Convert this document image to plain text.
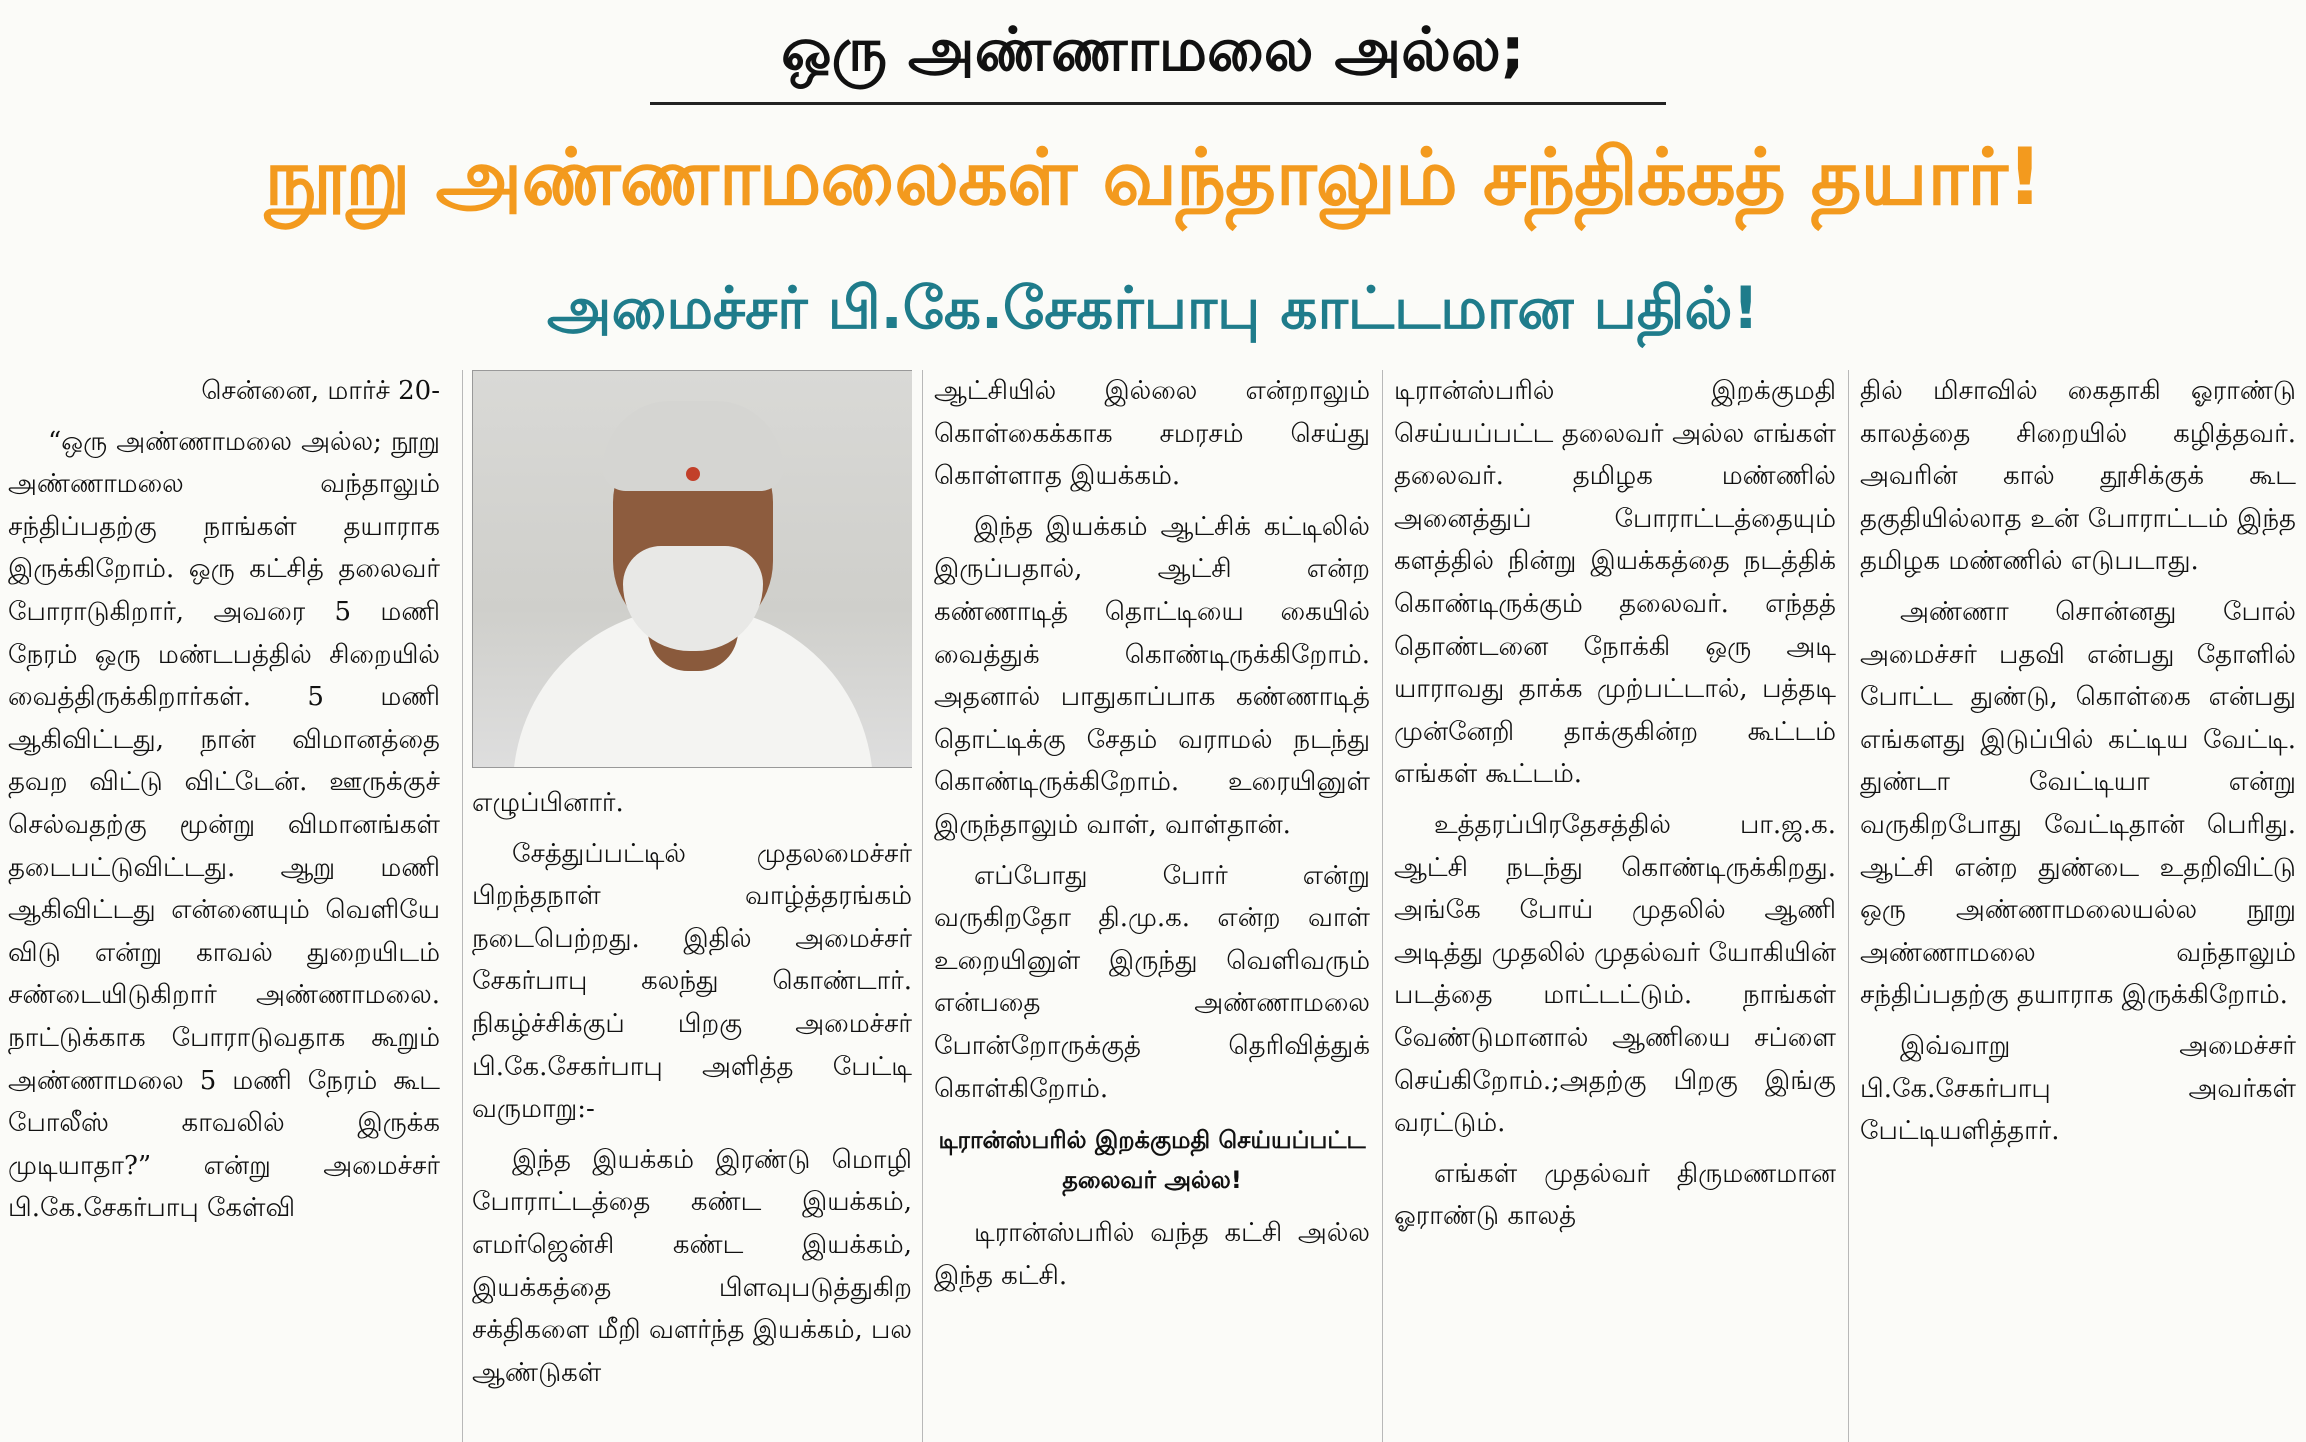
ஒரு அண்ணாமலை அல்ல;
நூறு அண்ணாமலைகள் வந்தாலும் சந்திக்கத் தயார்!
அமைச்சர் பி.கே.சேகர்பாபு காட்டமான பதில்!

சென்னை, மார்ச் 20-

“ஒரு அண்ணாமலை அல்ல; நூறு அண்ணாமலை வந்தாலும் சந்திப்பதற்கு நாங்கள் தயாராக இருக்கிறோம். ஒரு கட்சித் தலைவர் போராடுகிறார், அவரை 5 மணி நேரம் ஒரு மண்டபத்தில் சிறையில் வைத்திருக்கிறார்கள். 5 மணி ஆகிவிட்டது, நான் விமானத்தை தவற விட்டு விட்டேன். ஊருக்குச் செல்வதற்கு மூன்று விமானங்கள் தடைபட்டுவிட்டது. ஆறு மணி ஆகிவிட்டது என்னையும் வெளியே விடு என்று காவல் துறையிடம் சண்டையிடுகிறார் அண்ணாமலை. நாட்டுக்காக போராடுவதாக கூறும் அண்ணாமலை 5 மணி நேரம் கூட போலீஸ் காவலில் இருக்க முடியாதா?” என்று அமைச்சர் பி.கே.சேகர்பாபு கேள்வி

எழுப்பினார்.

சேத்துப்பட்டில் முதலமைச்சர் பிறந்தநாள் வாழ்த்தரங்கம் நடைபெற்றது. இதில் அமைச்சர் சேகர்பாபு கலந்து கொண்டார். நிகழ்ச்சிக்குப் பிறகு அமைச்சர் பி.கே.சேகர்பாபு அளித்த பேட்டி வருமாறு:-

இந்த இயக்கம் இரண்டு மொழி போராட்டத்தை கண்ட இயக்கம், எமர்ஜென்சி கண்ட இயக்கம், இயக்கத்தை பிளவுபடுத்துகிற சக்திகளை மீறி வளர்ந்த இயக்கம், பல ஆண்டுகள்

ஆட்சியில் இல்லை என்றாலும் கொள்கைக்காக சமரசம் செய்து கொள்ளாத இயக்கம்.

இந்த இயக்கம் ஆட்சிக் கட்டிலில் இருப்பதால், ஆட்சி என்ற கண்ணாடித் தொட்டியை கையில் வைத்துக் கொண்டிருக்கிறோம். அதனால் பாதுகாப்பாக கண்ணாடித் தொட்டிக்கு சேதம் வராமல் நடந்து கொண்டிருக்கிறோம். உரையினுள் இருந்தாலும் வாள், வாள்தான்.

எப்போது போர் என்று வருகிறதோ தி.மு.க. என்ற வாள் உறையினுள் இருந்து வெளிவரும் என்பதை அண்ணாமலை போன்றோருக்குத் தெரிவித்துக் கொள்கிறோம்.

டிரான்ஸ்பரில் இறக்குமதி செய்யப்பட்ட தலைவர் அல்ல!

டிரான்ஸ்பரில் வந்த கட்சி அல்ல இந்த கட்சி.

டிரான்ஸ்பரில் இறக்குமதி செய்யப்பட்ட தலைவர் அல்ல எங்கள் தலைவர். தமிழக மண்ணில் அனைத்துப் போராட்டத்தையும் களத்தில் நின்று இயக்கத்தை நடத்திக் கொண்டிருக்கும் தலைவர். எந்தத் தொண்டனை நோக்கி ஒரு அடி யாராவது தாக்க முற்பட்டால், பத்தடி முன்னேறி தாக்குகின்ற கூட்டம் எங்கள் கூட்டம்.

உத்தரப்பிரதேசத்தில் பா.ஜ.க. ஆட்சி நடந்து கொண்டிருக்கிறது. அங்கே போய் முதலில் ஆணி அடித்து முதலில் முதல்வர் யோகியின் படத்தை மாட்டட்டும். நாங்கள் வேண்டுமானால் ஆணியை சப்ளை செய்கிறோம்.;அதற்கு பிறகு இங்கு வரட்டும்.

எங்கள் முதல்வர் திருமணமான ஓராண்டு காலத்

தில் மிசாவில் கைதாகி ஓராண்டு காலத்தை சிறையில் கழித்தவர். அவரின் கால் தூசிக்குக் கூட தகுதியில்லாத உன் போராட்டம் இந்த தமிழக மண்ணில் எடுபடாது.

அண்ணா சொன்னது போல் அமைச்சர் பதவி என்பது தோளில் போட்ட துண்டு, கொள்கை என்பது எங்களது இடுப்பில் கட்டிய வேட்டி. துண்டா வேட்டியா என்று வருகிறபோது வேட்டிதான் பெரிது. ஆட்சி என்ற துண்டை உதறிவிட்டு ஒரு அண்ணாமலையல்ல நூறு அண்ணாமலை வந்தாலும் சந்திப்பதற்கு தயாராக இருக்கிறோம்.

இவ்வாறு அமைச்சர் பி.கே.சேகர்பாபு அவர்கள் பேட்டியளித்தார்.
